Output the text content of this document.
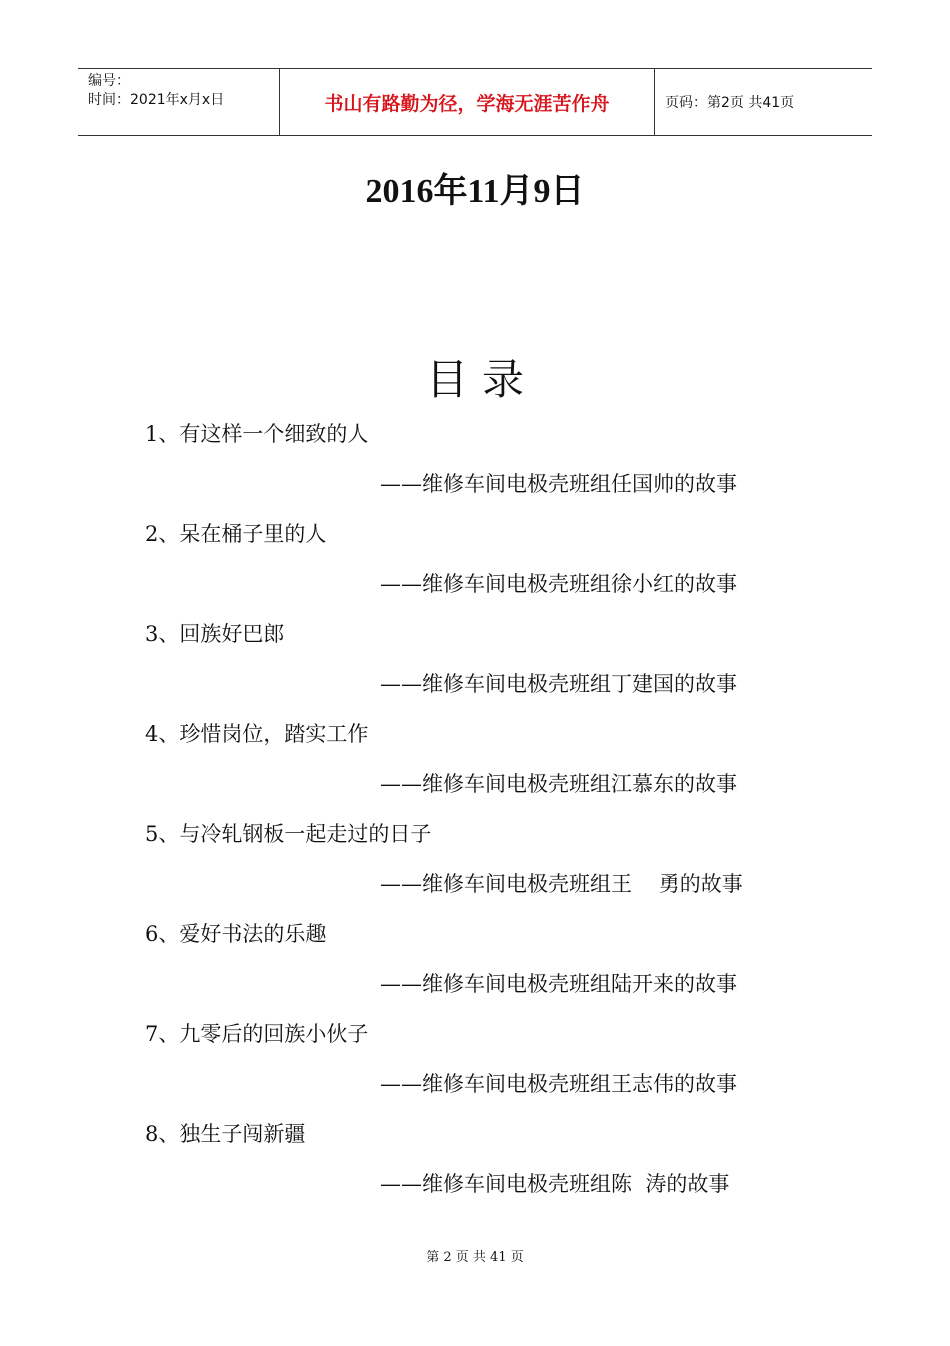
编号：
时间：2021年x月x日	书山有路勤为径，学海无涯苦作舟	页码：第2页 共41页
2016年11月9日
目录
1、有这样一个细致的人
——维修车间电极壳班组任国帅的故事
2、呆在桶子里的人
——维修车间电极壳班组徐小红的故事
3、回族好巴郎
——维修车间电极壳班组丁建国的故事
4、珍惜岗位，踏实工作
——维修车间电极壳班组江慕东的故事
5、与冷轧钢板一起走过的日子
——维修车间电极壳班组王    勇的故事
6、爱好书法的乐趣
——维修车间电极壳班组陆开来的故事
7、九零后的回族小伙子
——维修车间电极壳班组王志伟的故事
8、独生子闯新疆
——维修车间电极壳班组陈  涛的故事
第 2 页 共 41 页
